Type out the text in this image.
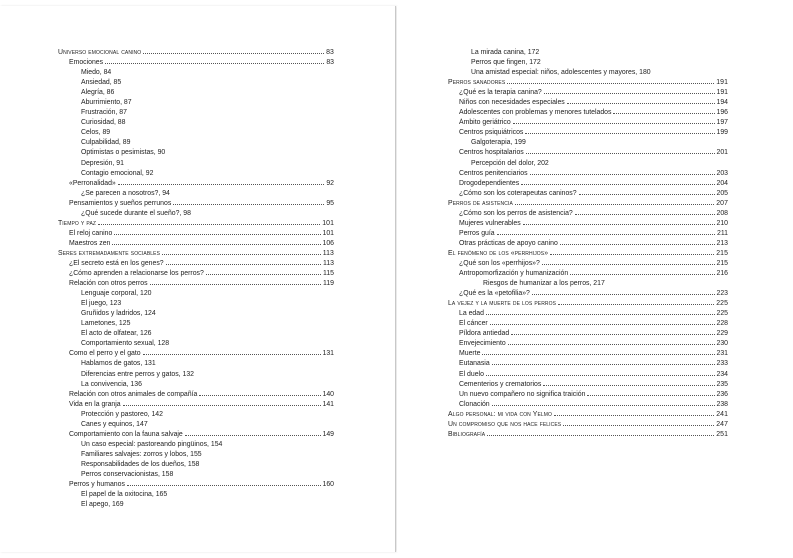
Universo emocional canino	83
Emociones	83
Miedo, 84
Ansiedad, 85
Alegría, 86
Aburrimiento, 87
Frustración, 87
Curiosidad, 88
Celos, 89
Culpabilidad, 89
Optimistas o pesimistas, 90
Depresión, 91
Contagio emocional, 92
«Perronalidad»	92
¿Se parecen a nosotros?, 94
Pensamientos y sueños perrunos	95
¿Qué sucede durante el sueño?, 98
Tiempo y paz	101
El reloj canino	101
Maestros zen	106
Seres extremadamente sociables	113
¿El secreto está en los genes?	113
¿Cómo aprenden a relacionarse los perros?	115
Relación con otros perros	119
Lenguaje corporal, 120
El juego, 123
Gruñidos y ladridos, 124
Lametones, 125
El acto de olfatear, 126
Comportamiento sexual, 128
Como el perro y el gato	131
Hablamos de gatos, 131
Diferencias entre perros y gatos, 132
La convivencia, 136
Relación con otros animales de compañía	140
Vida en la granja	141
Protección y pastoreo, 142
Canes y equinos, 147
Comportamiento con la fauna salvaje	149
Un caso especial: pastoreando pingüinos, 154
Familiares salvajes: zorros y lobos, 155
Responsabilidades de los dueños, 158
Perros conservacionistas, 158
Perros y humanos	160
El papel de la oxitocina, 165
El apego, 169
La mirada canina, 172
Perros que fingen, 172
Una amistad especial: niños, adolescentes y mayores, 180
Perros sanadores	191
¿Qué es la terapia canina?	191
Niños con necesidades especiales	194
Adolescentes con problemas y menores tutelados	196
Ámbito geriátrico	197
Centros psiquiátricos	199
Galgoterapia, 199
Centros hospitalarios	201
Percepción del dolor, 202
Centros penitenciarios	203
Drogodependientes	204
¿Cómo son los coterapeutas caninos?	205
Perros de asistencia	207
¿Cómo son los perros de asistencia?	208
Mujeres vulnerables	210
Perros guía	211
Otras prácticas de apoyo canino	213
El fenómeno de los «perrhijos»	215
¿Qué son los «perrhijos»?	215
Antropomorfización y humanización	216
Riesgos de humanizar a los perros, 217
¿Qué es la «petofilia»?	223
La vejez y la muerte de los perros	225
La edad	225
El cáncer	228
Píldora antiedad	229
Envejecimiento	230
Muerte	231
Eutanasia	233
El duelo	234
Cementerios y crematorios	235
Un nuevo compañero no significa traición	236
Clonación	238
Algo personal: mi vida con Yelmo	241
Un compromiso que nos hace felices	247
Bibliografía	251
